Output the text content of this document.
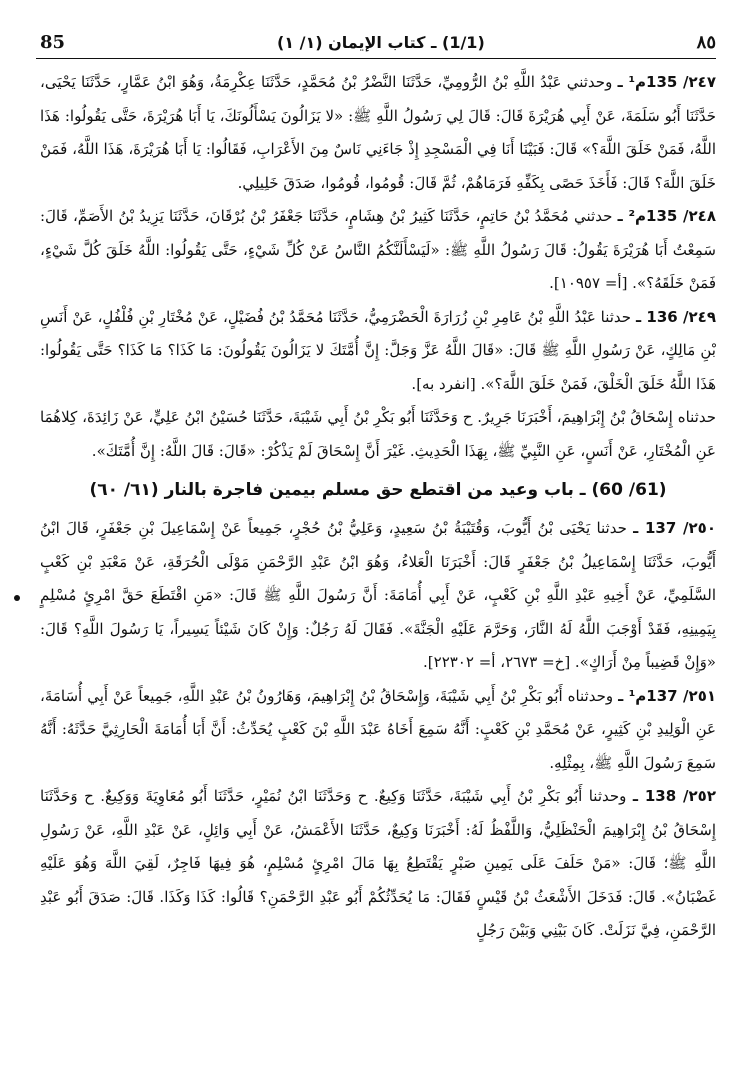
85	(1/1) ـ كتاب الإيمان (١/ ١)	٨٥

٢٤٧/ 135م¹ ـ وحدثني عَبْدُ اللَّهِ بْنُ الرُّومِيِّ، حَدَّثَنَا النَّضْرُ بْنُ مُحَمَّدٍ، حَدَّثَنَا عِكْرِمَةُ، وَهُوَ ابْنُ عَمَّارٍ، حَدَّثَنَا يَحْيَى، حَدَّثَنَا أَبُو سَلَمَةَ، عَنْ أَبِي هُرَيْرَةَ قَالَ: قَالَ لِي رَسُولُ اللَّهِ ﷺ: «لا يَزَالُونَ يَسْأَلُونَكَ، يَا أَبَا هُرَيْرَةَ، حَتَّى يَقُولُوا: هَذَا اللَّهُ، فَمَنْ خَلَقَ اللَّهَ؟» قَالَ: فَبَيْنَا أَنَا فِي الْمَسْجِدِ إِذْ جَاءَنِي نَاسٌ مِنَ الأَعْرَابِ، فَقَالُوا: يَا أَبَا هُرَيْرَةَ، هَذَا اللَّهُ، فَمَنْ خَلَقَ اللَّهَ؟ قَالَ: فَأَخَذَ حَصًى بِكَفِّهِ فَرَمَاهُمْ، ثُمَّ قَالَ: قُومُوا، قُومُوا، صَدَقَ خَلِيلِي.

٢٤٨/ 135م² ـ حدثني مُحَمَّدُ بْنُ حَاتِمٍ، حَدَّثَنَا كَثِيرُ بْنُ هِشَامٍ، حَدَّثَنَا جَعْفَرُ بْنُ بُرْقَانَ، حَدَّثَنَا يَزِيدُ بْنُ الأَصَمِّ، قَالَ: سَمِعْتُ أَبَا هُرَيْرَةَ يَقُولُ: قَالَ رَسُولُ اللَّهِ ﷺ: «لَيَسْأَلَنَّكُمُ النَّاسُ عَنْ كُلِّ شَيْءٍ، حَتَّى يَقُولُوا: اللَّهُ خَلَقَ كُلَّ شَيْءٍ، فَمَنْ خَلَقَهُ؟». [أ= ١٠٩٥٧].

٢٤٩/ 136 ـ حدثنا عَبْدُ اللَّهِ بْنُ عَامِرِ بْنِ زُرَارَةَ الْحَضْرَمِيُّ، حَدَّثَنَا مُحَمَّدُ بْنُ فُضَيْلٍ، عَنْ مُخْتَارِ بْنِ فُلْفُلٍ، عَنْ أَنَسِ بْنِ مَالِكٍ، عَنْ رَسُولِ اللَّهِ ﷺ قَالَ: «قَالَ اللَّهُ عَزَّ وَجَلَّ: إِنَّ أُمَّتَكَ لا يَزَالُونَ يَقُولُونَ: مَا كَذَا؟ مَا كَذَا؟ حَتَّى يَقُولُوا: هَذَا اللَّهُ خَلَقَ الْخَلْقَ، فَمَنْ خَلَقَ اللَّهَ؟». [انفرد به].

حدثناه إِسْحَاقُ بْنُ إِبْرَاهِيمَ، أَخْبَرَنَا جَرِيرٌ. ح وَحَدَّثَنَا أَبُو بَكْرِ بْنُ أَبِي شَيْبَةَ، حَدَّثَنَا حُسَيْنُ ابْنُ عَلِيٍّ، عَنْ زَائِدَةَ، كِلاهُمَا عَنِ الْمُخْتَارِ، عَنْ أَنَسٍ، عَنِ النَّبِيِّ ﷺ، بِهَذَا الْحَدِيثِ. غَيْرَ أَنَّ إِسْحَاقَ لَمْ يَذْكُرْ: «قَالَ: قَالَ اللَّهُ: إِنَّ أُمَّتَكَ».

(61/ 60) ـ باب وعيد من اقتطع حق مسلم بيمين فاجرة بالنار (٦١/ ٦٠)

٢٥٠/ 137 ـ حدثنا يَحْيَى بْنُ أَيُّوبَ، وَقُتَيْبَةُ بْنُ سَعِيدٍ، وَعَلِيُّ بْنُ حُجْرٍ، جَمِيعاً عَنْ إِسْمَاعِيلَ بْنِ جَعْفَرٍ، قَالَ ابْنُ أَيُّوبَ، حَدَّثَنَا إِسْمَاعِيلُ بْنُ جَعْفَرٍ قَالَ: أَخْبَرَنَا الْعَلاءُ، وَهُوَ ابْنُ عَبْدِ الرَّحْمَنِ مَوْلَى الْحُرَقَةِ، عَنْ مَعْبَدِ بْنِ كَعْبٍ السَّلَمِيِّ، عَنْ أَخِيهِ عَبْدِ اللَّهِ بْنِ كَعْبٍ، عَنْ أَبِي أُمَامَةَ: أَنَّ رَسُولَ اللَّهِ ﷺ قَالَ: «مَنِ اقْتَطَعَ حَقَّ امْرِئٍ مُسْلِمٍ بِيَمِينِهِ، فَقَدْ أَوْجَبَ اللَّهُ لَهُ النَّارَ، وَحَرَّمَ عَلَيْهِ الْجَنَّةَ». فَقَالَ لَهُ رَجُلٌ: وَإِنْ كَانَ شَيْئاً يَسِيراً، يَا رَسُولَ اللَّهِ؟ قَالَ: «وَإِنْ قَضِيباً مِنْ أَرَاكٍ». [خ= ٢٦٧٣، أ= ٢٢٣٠٢].

٢٥١/ 137م¹ ـ وحدثناه أَبُو بَكْرِ بْنُ أَبِي شَيْبَةَ، وَإِسْحَاقُ بْنُ إِبْرَاهِيمَ، وَهَارُونُ بْنُ عَبْدِ اللَّهِ، جَمِيعاً عَنْ أَبِي أُسَامَةَ، عَنِ الْوَلِيدِ بْنِ كَثِيرٍ، عَنْ مُحَمَّدِ بْنِ كَعْبٍ: أَنَّهُ سَمِعَ أَخَاهُ عَبْدَ اللَّهِ بْنَ كَعْبٍ يُحَدِّثُ: أَنَّ أَبَا أُمَامَةَ الْحَارِثِيَّ حَدَّثَهُ: أَنَّهُ سَمِعَ رَسُولَ اللَّهِ ﷺ، بِمِثْلِهِ.

٢٥٢/ 138 ـ وحدثنا أَبُو بَكْرِ بْنُ أَبِي شَيْبَةَ، حَدَّثَنَا وَكِيعٌ. ح وَحَدَّثَنَا ابْنُ نُمَيْرٍ، حَدَّثَنَا أَبُو مُعَاوِيَةَ وَوَكِيعٌ. ح وَحَدَّثَنَا إِسْحَاقُ بْنُ إِبْرَاهِيمَ الْحَنْظَلِيُّ، وَاللَّفْظُ لَهُ: أَخْبَرَنَا وَكِيعٌ، حَدَّثَنَا الأَعْمَشُ، عَنْ أَبِي وَائِلٍ، عَنْ عَبْدِ اللَّهِ، عَنْ رَسُولِ اللَّهِ ﷺ؛ قَالَ: «مَنْ حَلَفَ عَلَى يَمِينِ صَبْرٍ يَقْتَطِعُ بِهَا مَالَ امْرِئٍ مُسْلِمٍ، هُوَ فِيهَا فَاجِرٌ، لَقِيَ اللَّهَ وَهُوَ عَلَيْهِ غَضْبَانُ». قَالَ: فَدَخَلَ الأَشْعَثُ بْنُ قَيْسٍ فَقَالَ: مَا يُحَدِّثُكُمْ أَبُو عَبْدِ الرَّحْمَنِ؟ قَالُوا: كَذَا وَكَذَا. قَالَ: صَدَقَ أَبُو عَبْدِ الرَّحْمَنِ، فِيَّ نَزَلَتْ. كَانَ بَيْنِي وَبَيْنَ رَجُلٍ
